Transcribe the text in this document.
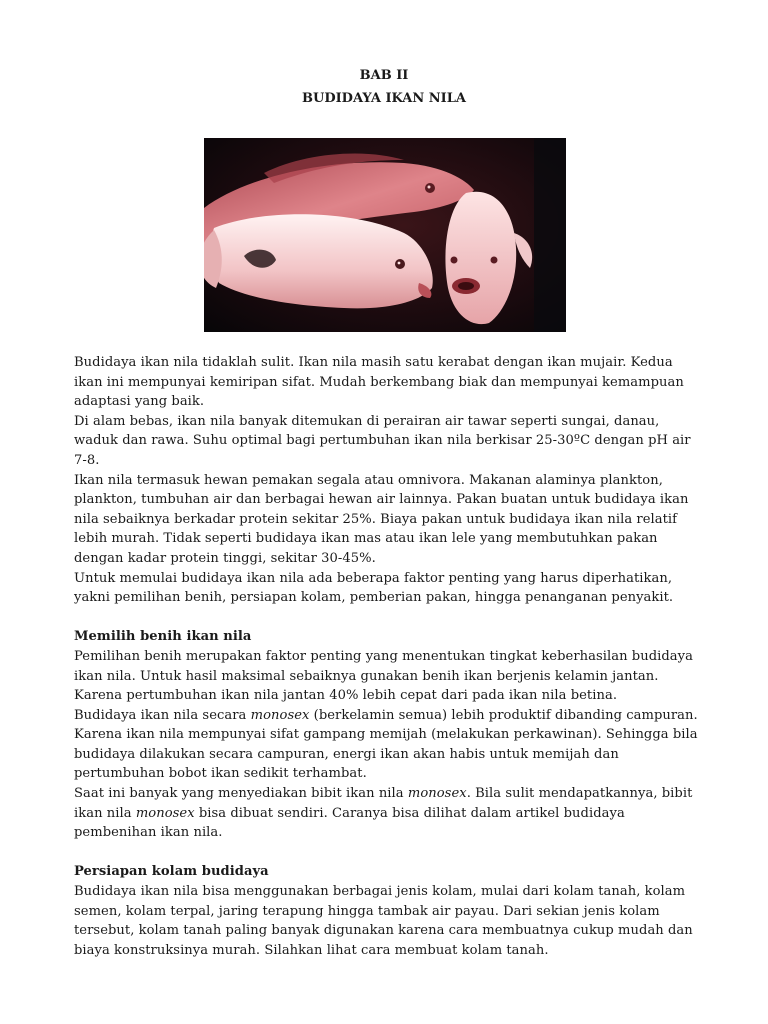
BAB II
BUDIDAYA IKAN NILA

Budidaya ikan nila tidaklah sulit. Ikan nila masih satu kerabat dengan ikan mujair. Kedua ikan ini mempunyai kemiripan sifat. Mudah berkembang biak dan mempunyai kemampuan adaptasi yang baik.

Di alam bebas, ikan nila banyak ditemukan di perairan air tawar seperti sungai, danau, waduk dan rawa. Suhu optimal bagi pertumbuhan ikan nila berkisar 25-30ºC dengan pH air 7-8.

Ikan nila termasuk hewan pemakan segala atau omnivora. Makanan alaminya plankton, plankton, tumbuhan air dan berbagai hewan air lainnya. Pakan buatan untuk budidaya ikan nila sebaiknya berkadar protein sekitar 25%. Biaya pakan untuk budidaya ikan nila relatif lebih murah. Tidak seperti budidaya ikan mas atau ikan lele yang membutuhkan pakan dengan kadar protein tinggi, sekitar 30-45%.

Untuk memulai budidaya ikan nila ada beberapa faktor penting yang harus diperhatikan, yakni pemilihan benih, persiapan kolam, pemberian pakan, hingga penanganan penyakit.

Memilih benih ikan nila

Pemilihan benih merupakan faktor penting yang menentukan tingkat keberhasilan budidaya ikan nila. Untuk hasil maksimal sebaiknya gunakan benih ikan berjenis kelamin jantan. Karena pertumbuhan ikan nila jantan 40% lebih cepat dari pada ikan nila betina.

Budidaya ikan nila secara monosex (berkelamin semua) lebih produktif dibanding campuran. Karena ikan nila mempunyai sifat gampang memijah (melakukan perkawinan). Sehingga bila budidaya dilakukan secara campuran, energi ikan akan habis untuk memijah dan pertumbuhan bobot ikan sedikit terhambat.

Saat ini banyak yang menyediakan bibit ikan nila monosex. Bila sulit mendapatkannya, bibit ikan nila monosex bisa dibuat sendiri. Caranya bisa dilihat dalam artikel budidaya pembenihan ikan nila.

Persiapan kolam budidaya

Budidaya ikan nila bisa menggunakan berbagai jenis kolam, mulai dari kolam tanah, kolam semen, kolam terpal, jaring terapung hingga tambak air payau. Dari sekian jenis kolam tersebut, kolam tanah paling banyak digunakan karena cara membuatnya cukup mudah dan biaya konstruksinya murah. Silahkan lihat cara membuat kolam tanah.
